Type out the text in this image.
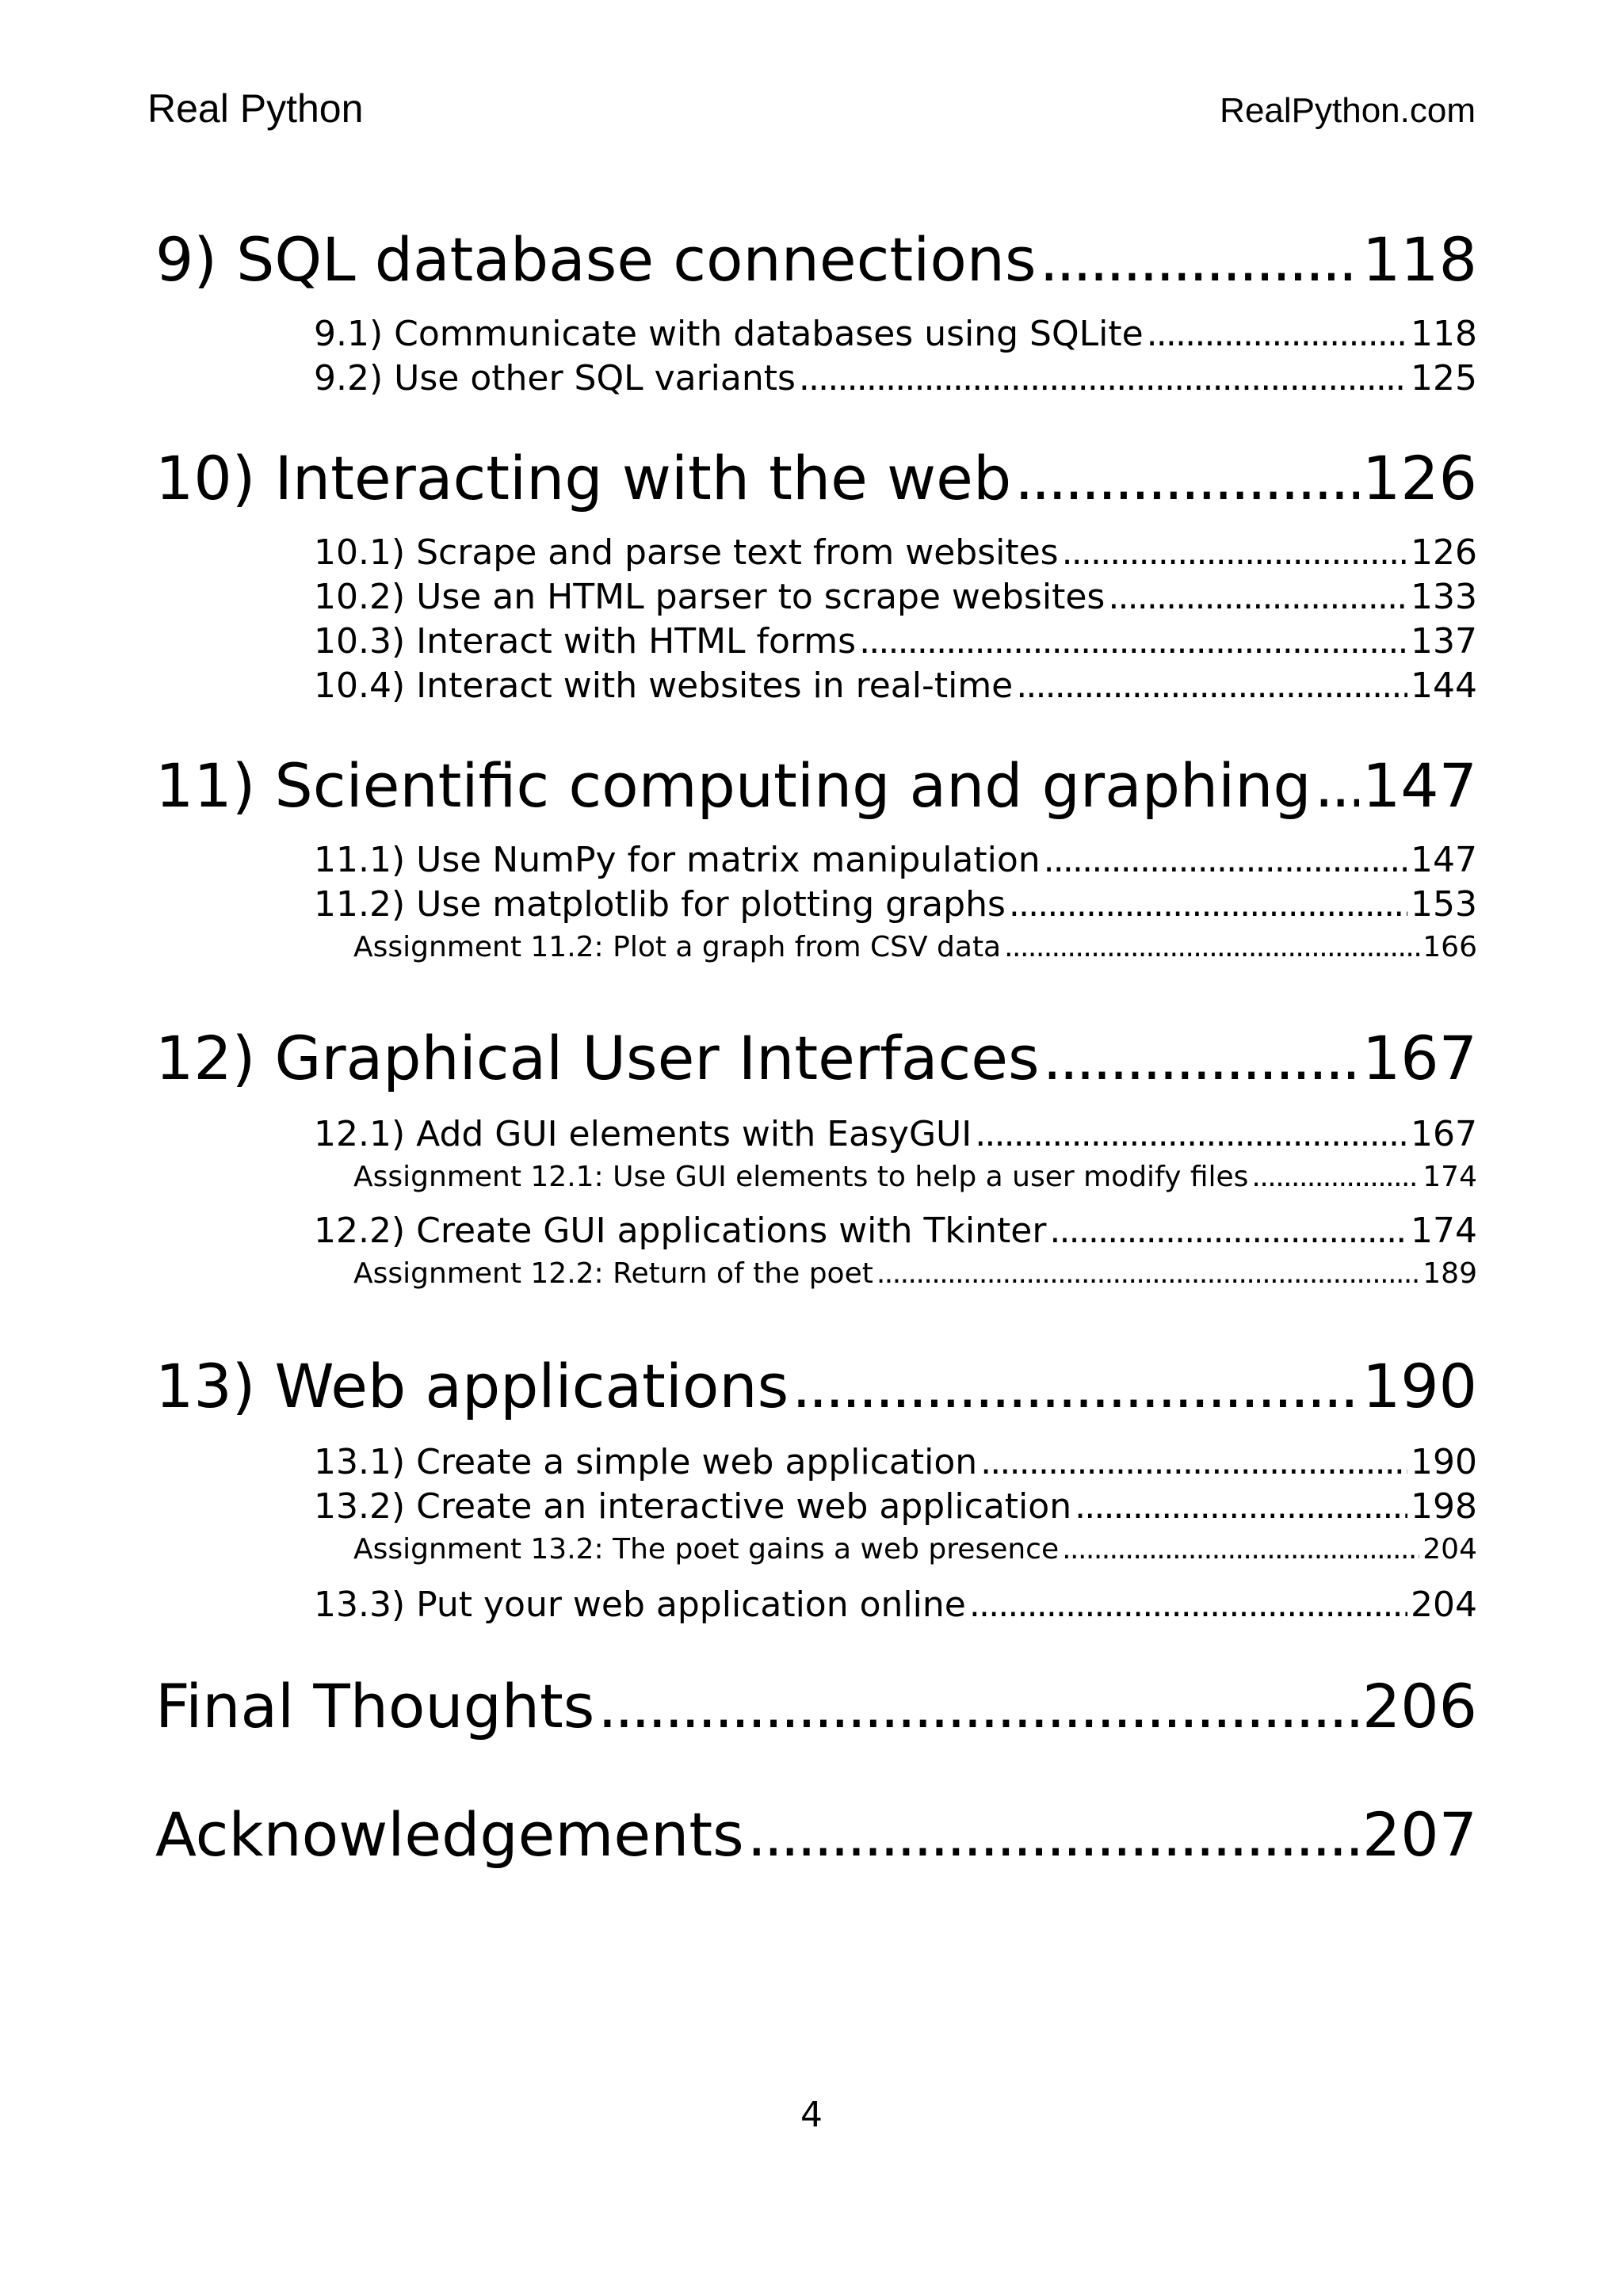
Real Python	RealPython.com
9) SQL database connections . . .	118
9.1) Communicate with databases using SQLite . . .	118
9.2) Use other SQL variants . . .	125
10) Interacting with the web . . .	126
10.1) Scrape and parse text from websites . . .	126
10.2) Use an HTML parser to scrape websites . . .	133
10.3) Interact with HTML forms . . .	137
10.4) Interact with websites in real-time . . .	144
11) Scientific computing and graphing . . . 147
11.1) Use NumPy for matrix manipulation . . .	147
11.2) Use matplotlib for plotting graphs . . .	153
Assignment 11.2: Plot a graph from CSV data . . .	166
12) Graphical User Interfaces . . .	167
12.1) Add GUI elements with EasyGUI . . .	167
Assignment 12.1: Use GUI elements to help a user modify files . . .	174
12.2) Create GUI applications with Tkinter . . .	174
Assignment 12.2: Return of the poet . . .	189
13) Web applications . . .	190
13.1) Create a simple web application . . .	190
13.2) Create an interactive web application . . .	198
Assignment 13.2: The poet gains a web presence . . .	204
13.3) Put your web application online . . .	204
Final Thoughts . . .	206
Acknowledgements . . .	207
4
